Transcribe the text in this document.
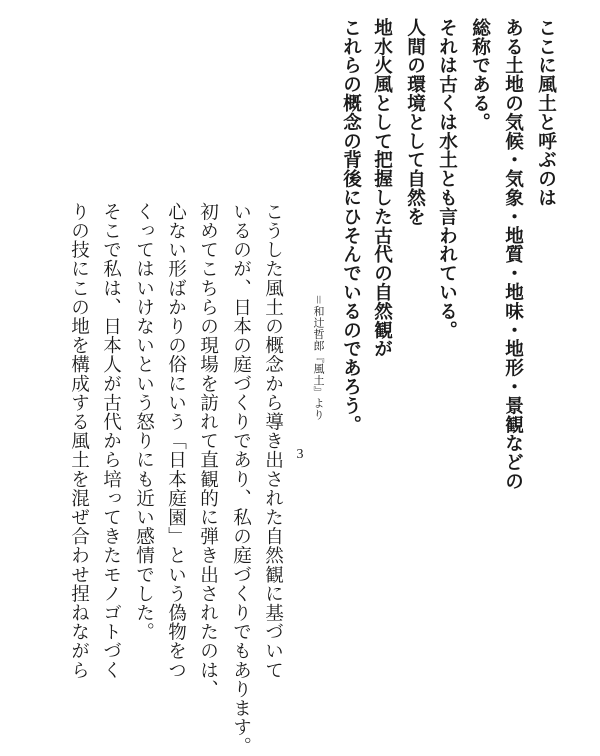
ここに風土と呼ぶのは

ある土地の気候・気象・地質・地味・地形・景観などの

総称である。

それは古くは水土とも言われている。

人間の環境として自然を

地水火風として把握した古代の自然観が

これらの概念の背後にひそんでいるのであろう。

＝和辻哲郎『風土』より

こうした風土の概念から導き出された自然観に基づいて

いるのが、日本の庭づくりであり、私の庭づくりでもあります。

初めてこちらの現場を訪れて直観的に弾き出されたのは、

心ない形ばかりの俗にいう「日本庭園」という偽物をつ

くってはいけないという怒りにも近い感情でした。

そこで私は、日本人が古代から培ってきたモノゴトづく

りの技にこの地を構成する風土を混ぜ合わせ捏ねながら	3
